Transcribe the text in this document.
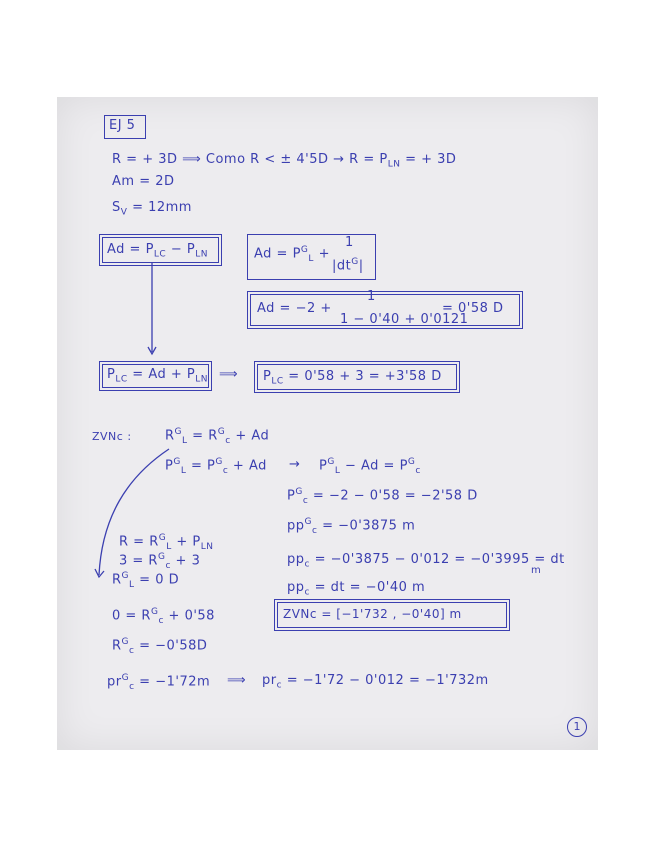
EJ 5
R = + 3D ⟹ Como R < ± $4'5D \to R = P_{LN}$ = + 3D
Am = 2D
$S_V = 12mm$
$Ad = P_{LC} - P_{LN}$	$Ad = P^G_L$ +
1
$|dt^G|$
Ad = −2 +
1
1 − 0'40 + 0'0121
= 0'58 D
$P_{LC} = Ad + P_{LN}$ ⟹ $P_{LC} = 0'58 + 3 = +3'58$ D
ZVNc :	$R^G_L = R^G_c + Ad$
$P^G_L = P^G_c + Ad \to P^G_L - Ad = P^G_c$
$P^G_c = -2 - 0'58 = -2'58$ D
$pp^G_c = -0'3875$ m
$R = R^G_L + P_{LN}$
$3 = R^G_c + 3$
$R^G_L = 0$ D
$pp_c = -0'3875 - 0'012 = -0'3995$ = dt
m
$pp_c$ = dt = −0'40 m
$0 = R^G_c + 0'58$	ZVNc = [−1'732 , −0'40] m
$R^G_c = -0'58D$
$pr^G_c = -1'72m$ ⟹ $pr_c = -1'72 - 0'012 = -1'732m$
1
